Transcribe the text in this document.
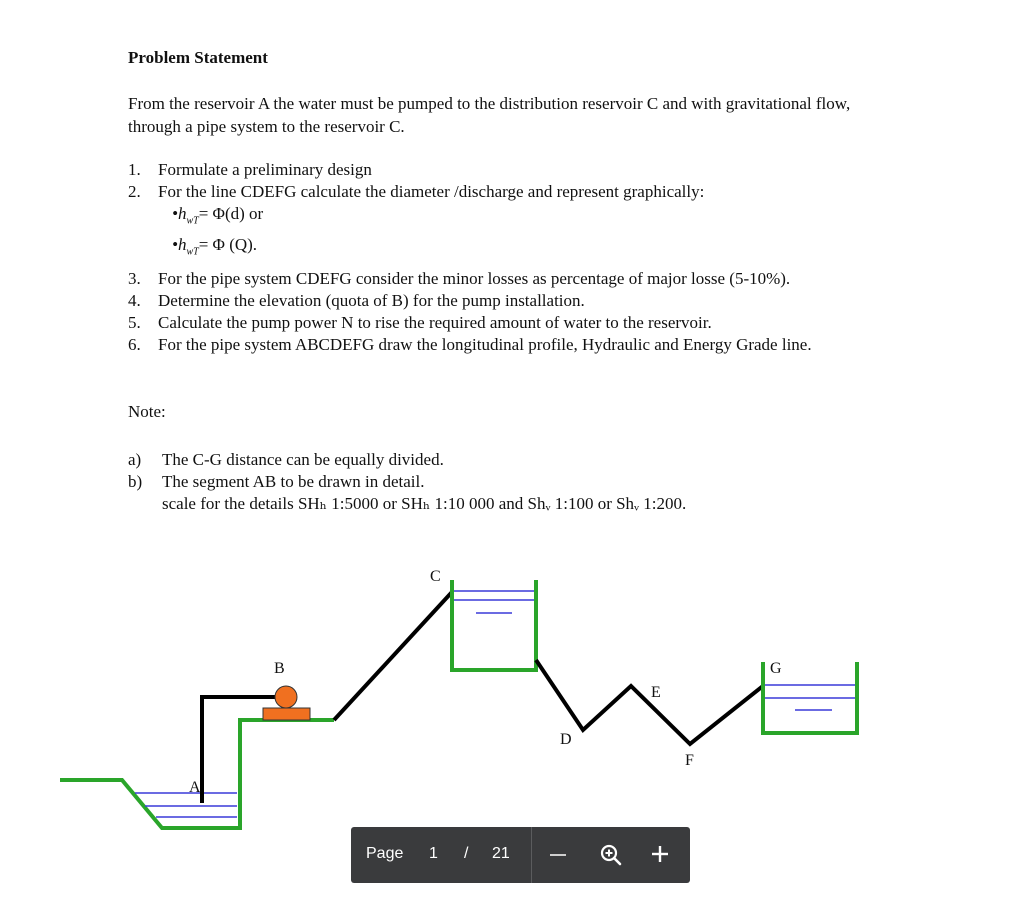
Problem Statement
From the reservoir A the water must be pumped to the distribution reservoir C and with gravitational flow, through a pipe system to the reservoir C.
1. Formulate a preliminary design
2. For the line CDEFG calculate the diameter /discharge and represent graphically:
$•h_{wT}= \Phi(d)$ or
$•h_{wT}= \Phi$ (Q).
3. For the pipe system CDEFG consider the minor losses as percentage of major losse (5-10%).
4. Determine the elevation (quota of B) for the pump installation.
5. Calculate the pump power N to rise the required amount of water to the reservoir.
6. For the pipe system ABCDEFG draw the longitudinal profile, Hydraulic and Energy Grade line.
Note:
a) The C-G distance can be equally divided.
b) The segment AB to be drawn in detail.
scale for the details SHₕ 1:5000 or SHₕ 1:10 000 and Shᵥ 1:100 or Shᵥ 1:200.
A
B
C
D
E
F
G
Page 1 / 21
